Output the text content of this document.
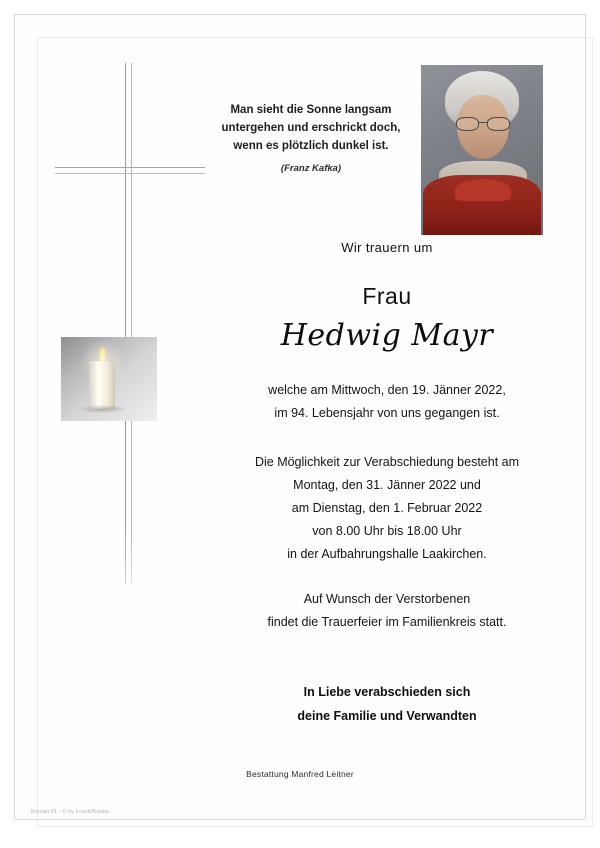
Man sieht die Sonne langsam
untergehen und erschrickt doch,
wenn es plötzlich dunkel ist.
(Franz Kafka)
Wir trauern um
Frau
Hedwig Mayr
welche am Mittwoch, den 19. Jänner 2022,
im 94. Lebensjahr von uns gegangen ist.
Die Möglichkeit zur Verabschiedung besteht am
Montag, den 31. Jänner 2022 und
am Dienstag, den 1. Februar 2022
von 8.00 Uhr bis 18.00 Uhr
in der Aufbahrungshalle Laakirchen.
Auf Wunsch der Verstorbenen
findet die Trauerfeier im Familienkreis statt.
In Liebe verabschieden sich
deine Familie und Verwandten
Bestattung Manfred Leitner
Roman 01 - © by Losch/Kupka
